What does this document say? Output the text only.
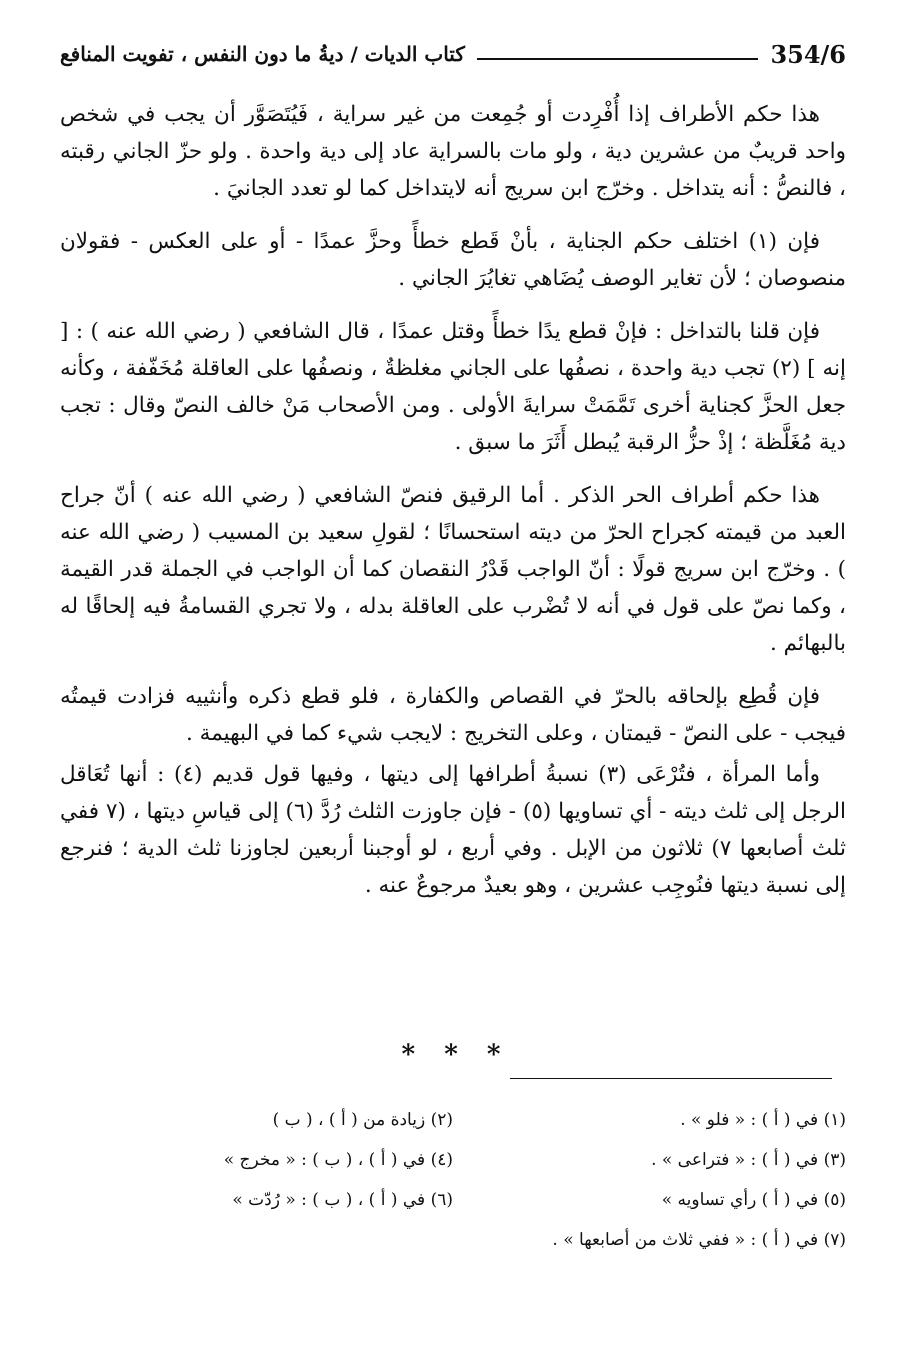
354/6
كتاب الديات / ديةُ ما دون النفس ، تفويت المنافع

هذا حكم الأطراف إذا أُفْرِدت أو جُمِعت من غير سراية ، فَيُتَصَوَّر أن يجب في شخص واحد قريبٌ من عشرين دية ، ولو مات بالسراية عاد إلى دية واحدة . ولو حزّ الجاني رقبته ، فالنصُّ : أنه يتداخل . وخرّج ابن سريج أنه لايتداخل كما لو تعدد الجانيَ .

فإن (١) اختلف حكم الجناية ، بأنْ قَطع خطأً وحزَّ عمدًا - أو على العكس - فقولان منصوصان ؛ لأن تغاير الوصف يُضَاهي تغايُرَ الجاني .

فإن قلنا بالتداخل : فإنْ قطع يدًا خطأً وقتل عمدًا ، قال الشافعي ( رضي الله عنه ) : [ إنه ] (٢) تجب دية واحدة ، نصفُها على الجاني مغلظةٌ ، ونصفُها على العاقلة مُخَفّفة ، وكأنه جعل الحزَّ كجناية أخرى تَمَّمَتْ سرايةَ الأولى . ومن الأصحاب مَنْ خالف النصّ وقال : تجب دية مُغَلَّظة ؛ إذْ حزُّ الرقبة يُبطل أَثَرَ ما سبق .

هذا حكم أطراف الحر الذكر . أما الرقيق فنصّ الشافعي ( رضي الله عنه ) أنّ جراح العبد من قيمته كجراح الحرّ من ديته استحسانًا ؛ لقولِ سعيد بن المسيب ( رضي الله عنه ) . وخرّج ابن سريج قولًا : أنّ الواجب قَدْرُ النقصان كما أن الواجب في الجملة قدر القيمة ، وكما نصّ على قول في أنه لا تُضْرب على العاقلة بدله ، ولا تجري القسامةُ فيه إلحاقًا له بالبهائم .

فإن قُطِع بإلحاقه بالحرّ في القصاص والكفارة ، فلو قطع ذكره وأنثييه فزادت قيمتُه فيجب - على النصّ - قيمتان ، وعلى التخريج : لايجب شيء كما في البهيمة .

وأما المرأة ، فتُرْعَى (٣) نسبةُ أطرافها إلى ديتها ، وفيها قول قديم (٤) : أنها تُعَاقل الرجل إلى ثلث ديته - أي تساويها (٥) - فإن جاوزت الثلث رُدَّ (٦) إلى قياسِ ديتها ، (٧ ففي ثلث أصابعها ٧) ثلاثون من الإبل . وفي أربع ، لو أوجبنا أربعين لجاوزنا ثلث الدية ؛ فنرجع إلى نسبة ديتها فنُوجِب عشرين ، وهو بعيدٌ مرجوعٌ عنه .

* * *
(١) في ( أ ) : « فلو » .
(٢) زيادة من ( أ ) ، ( ب )
(٣) في ( أ ) : « فتراعى » .
(٤) في ( أ ) ، ( ب ) : « مخرج »
(٥) في ( أ ) رأي تساويه »
(٦) في ( أ ) ، ( ب ) : « رُدّت »
(٧) في ( أ ) : « ففي ثلاث من أصابعها » .
